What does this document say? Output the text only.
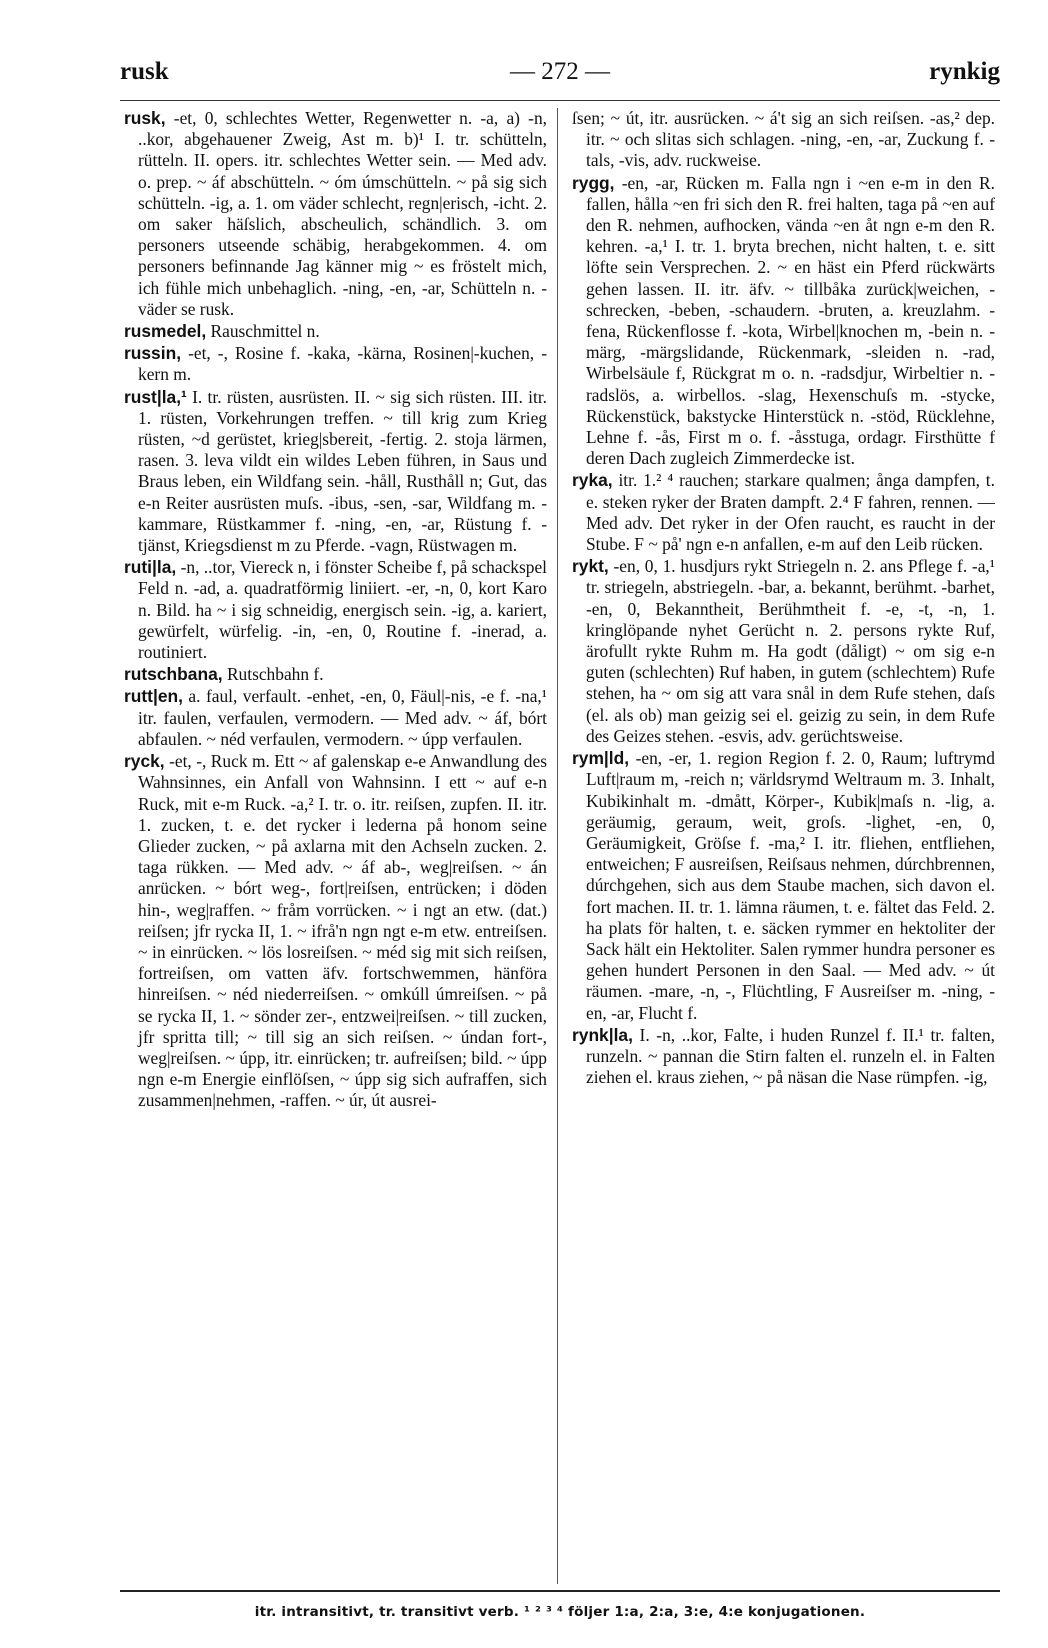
rusk	— 272 —	rynkig

rusk, -et, 0, schlechtes Wetter, Regenwetter n. -a, a) -n, ..kor, abgehauener Zweig, Ast m. b)¹ I. tr. schütteln, rütteln. II. opers. itr. schlechtes Wetter sein. — Med adv. o. prep. ~ áf abschütteln. ~ óm úmschütteln. ~ på sig sich schütteln. -ig, a. 1. om väder schlecht, regn|erisch, -icht. 2. om saker häſslich, abscheulich, schändlich. 3. om personers utseende schäbig, herabgekommen. 4. om personers befinnande Jag känner mig ~ es fröstelt mich, ich fühle mich unbehaglich. -ning, -en, -ar, Schütteln n. -väder se rusk.

rusmedel, Rauschmittel n.

russin, -et, -, Rosine f. -kaka, -kärna, Rosinen|-kuchen, -kern m.

rust|la,¹ I. tr. rüsten, ausrüsten. II. ~ sig sich rüsten. III. itr. 1. rüsten, Vorkehrungen treffen. ~ till krig zum Krieg rüsten, ~d gerüstet, krieg|sbereit, -fertig. 2. stoja lärmen, rasen. 3. leva vildt ein wildes Leben führen, in Saus und Braus leben, ein Wildfang sein. -håll, Rusthåll n; Gut, das e-n Reiter ausrüsten muſs. -ibus, -sen, -sar, Wildfang m. -kammare, Rüstkammer f. -ning, -en, -ar, Rüstung f. -tjänst, Kriegsdienst m zu Pferde. -vagn, Rüstwagen m.

ruti|la, -n, ..tor, Viereck n, i fönster Scheibe f, på schackspel Feld n. -ad, a. quadratförmig liniiert. -er, -n, 0, kort Karo n. Bild. ha ~ i sig schneidig, energisch sein. -ig, a. kariert, gewürfelt, würfelig. -in, -en, 0, Routine f. -inerad, a. routiniert.

rutschbana, Rutschbahn f.

rutt|en, a. faul, verfault. -enhet, -en, 0, Fäul|-nis, -e f. -na,¹ itr. faulen, verfaulen, vermodern. — Med adv. ~ áf, bórt abfaulen. ~ néd verfaulen, vermodern. ~ úpp verfaulen.

ryck, -et, -, Ruck m. Ett ~ af galenskap e-e Anwandlung des Wahnsinnes, ein Anfall von Wahnsinn. I ett ~ auf e-n Ruck, mit e-m Ruck. -a,² I. tr. o. itr. reiſsen, zupfen. II. itr. 1. zucken, t. e. det rycker i lederna på honom seine Glieder zucken, ~ på axlarna mit den Achseln zucken. 2. taga rükken. — Med adv. ~ áf ab-, weg|reiſsen. ~ án anrücken. ~ bórt weg-, fort|reiſsen, entrücken; i döden hin-, weg|raffen. ~ fråm vorrücken. ~ i ngt an etw. (dat.) reiſsen; jfr rycka II, 1. ~ ifrå'n ngn ngt e-m etw. entreiſsen. ~ in einrücken. ~ lös losreiſsen. ~ méd sig mit sich reiſsen, fortreiſsen, om vatten äfv. fortschwemmen, hänföra hinreiſsen. ~ néd niederreiſsen. ~ omkúll úmreiſsen. ~ på se rycka II, 1. ~ sönder zer-, entzwei|reiſsen. ~ till zucken, jfr spritta till; ~ till sig an sich reiſsen. ~ úndan fort-, weg|reiſsen. ~ úpp, itr. einrücken; tr. aufreiſsen; bild. ~ úpp ngn e-m Energie einflöſsen, ~ úpp sig sich aufraffen, sich zusammen|nehmen, -raffen. ~ úr, út ausrei-

ſsen; ~ út, itr. ausrücken. ~ á't sig an sich reiſsen. -as,² dep. itr. ~ och slitas sich schlagen. -ning, -en, -ar, Zuckung f. -tals, -vis, adv. ruckweise.

rygg, -en, -ar, Rücken m. Falla ngn i ~en e-m in den R. fallen, hålla ~en fri sich den R. frei halten, taga på ~en auf den R. nehmen, aufhocken, vända ~en åt ngn e-m den R. kehren. -a,¹ I. tr. 1. bryta brechen, nicht halten, t. e. sitt löfte sein Versprechen. 2. ~ en häst ein Pferd rückwärts gehen lassen. II. itr. äfv. ~ tillbåka zurück|weichen, -schrecken, -beben, -schaudern. -bruten, a. kreuzlahm. -fena, Rückenflosse f. -kota, Wirbel|knochen m, -bein n. -märg, -märgslidande, Rückenmark, -sleiden n. -rad, Wirbelsäule f, Rückgrat m o. n. -radsdjur, Wirbeltier n. -radslös, a. wirbellos. -slag, Hexenschuſs m. -stycke, Rückenstück, bakstycke Hinterstück n. -stöd, Rücklehne, Lehne f. -ås, First m o. f. -åsstuga, ordagr. Firsthütte f deren Dach zugleich Zimmerdecke ist.

ryka, itr. 1.² ⁴ rauchen; starkare qualmen; ånga dampfen, t. e. steken ryker der Braten dampft. 2.⁴ F fahren, rennen. — Med adv. Det ryker in der Ofen raucht, es raucht in der Stube. F ~ på' ngn e-n anfallen, e-m auf den Leib rücken.

rykt, -en, 0, 1. husdjurs rykt Striegeln n. 2. ans Pflege f. -a,¹ tr. striegeln, abstriegeln. -bar, a. bekannt, berühmt. -barhet, -en, 0, Bekanntheit, Berühmtheit f. -e, -t, -n, 1. kringlöpande nyhet Gerücht n. 2. persons rykte Ruf, ärofullt rykte Ruhm m. Ha godt (dåligt) ~ om sig e-n guten (schlechten) Ruf haben, in gutem (schlechtem) Rufe stehen, ha ~ om sig att vara snål in dem Rufe stehen, daſs (el. als ob) man geizig sei el. geizig zu sein, in dem Rufe des Geizes stehen. -esvis, adv. gerüchtsweise.

rym|ld, -en, -er, 1. region Region f. 2. 0, Raum; luftrymd Luft|raum m, -reich n; världsrymd Weltraum m. 3. Inhalt, Kubikinhalt m. -dmått, Körper-, Kubik|maſs n. -lig, a. geräumig, geraum, weit, groſs. -lighet, -en, 0, Geräumigkeit, Gröſse f. -ma,² I. itr. fliehen, entfliehen, entweichen; F ausreiſsen, Reiſsaus nehmen, dúrchbrennen, dúrchgehen, sich aus dem Staube machen, sich davon el. fort machen. II. tr. 1. lämna räumen, t. e. fältet das Feld. 2. ha plats för halten, t. e. säcken rymmer en hektoliter der Sack hält ein Hektoliter. Salen rymmer hundra personer es gehen hundert Personen in den Saal. — Med adv. ~ út räumen. -mare, -n, -, Flüchtling, F Ausreiſser m. -ning, -en, -ar, Flucht f.

rynk|la, I. -n, ..kor, Falte, i huden Runzel f. II.¹ tr. falten, runzeln. ~ pannan die Stirn falten el. runzeln el. in Falten ziehen el. kraus ziehen, ~ på näsan die Nase rümpfen. -ig,

itr. intransitivt, tr. transitivt verb. ¹ ² ³ ⁴ följer 1:a, 2:a, 3:e, 4:e konjugationen.
